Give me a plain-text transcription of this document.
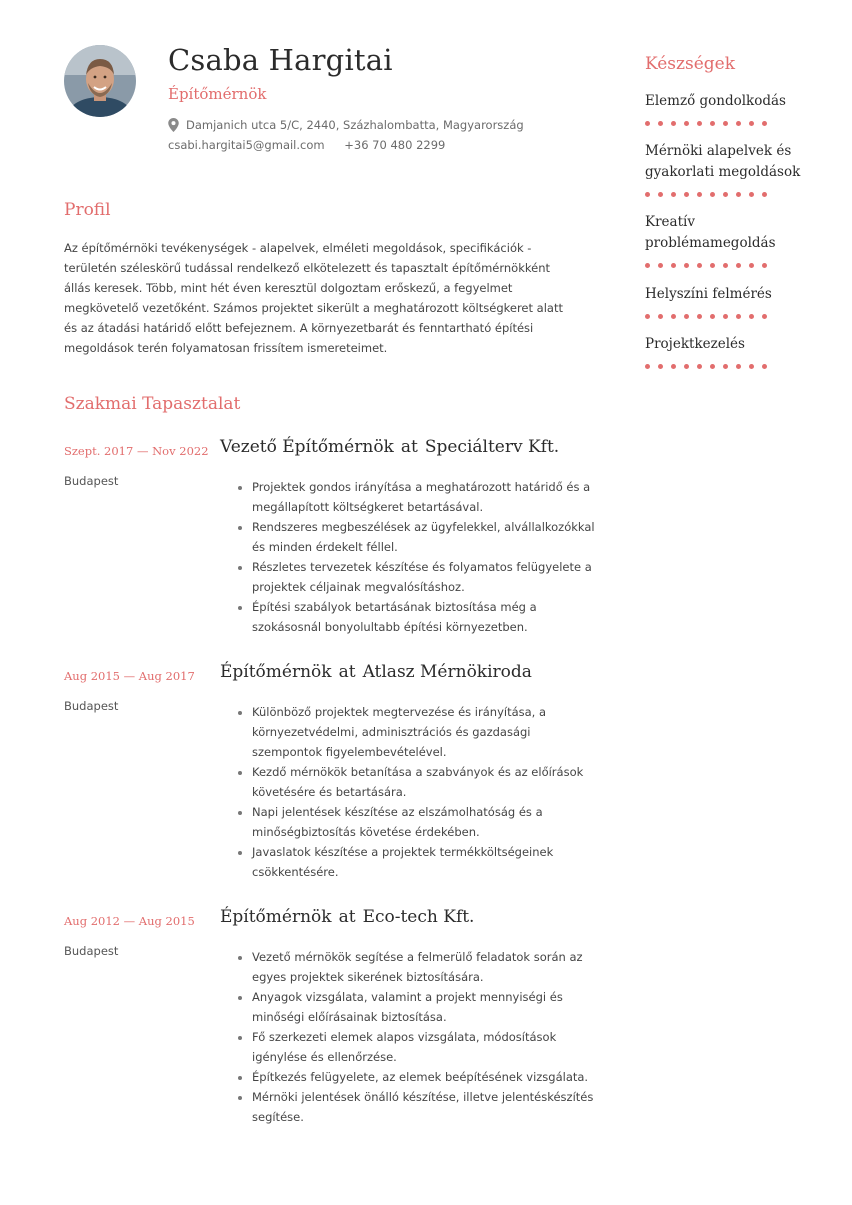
Csaba Hargitai
Építőmérnök
Damjanich utca 5/C, 2440, Százhalombatta, Magyarország
csabi.hargitai5@gmail.com +36 70 480 2299
Profil
Az építőmérnöki tevékenységek - alapelvek, elméleti megoldások, specifikációk -területén széleskörű tudással rendelkező elkötelezett és tapasztalt építőmérnökként állás keresek. Több, mint hét éven keresztül dolgoztam erőskezű, a fegyelmet megkövetelő vezetőként. Számos projektet sikerült a meghatározott költségkeret alatt és az átadási határidő előtt befejeznem. A környezetbarát és fenntartható építési megoldások terén folyamatosan frissítem ismereteimet.
Szakmai Tapasztalat
Szept. 2017 — Nov 2022
Budapest
Vezető Építőmérnök at Speciálterv Kft.
• Projektek gondos irányítása a meghatározott határidő és a megállapított költségkeret betartásával.
• Rendszeres megbeszélések az ügyfelekkel, alvállalkozókkal és minden érdekelt féllel.
• Részletes tervezetek készítése és folyamatos felügyelete a projektek céljainak megvalósításhoz.
• Építési szabályok betartásának biztosítása még a szokásosnál bonyolultabb építési környezetben.
Aug 2015 — Aug 2017
Budapest
Építőmérnök at Atlasz Mérnökiroda
• Különböző projektek megtervezése és irányítása, a környezetvédelmi, adminisztrációs és gazdasági szempontok figyelembevételével.
• Kezdő mérnökök betanítása a szabványok és az előírások követésére és betartására.
• Napi jelentések készítése az elszámolhatóság és a minőségbiztosítás követése érdekében.
• Javaslatok készítése a projektek termékköltségeinek csökkentésére.
Aug 2012 — Aug 2015
Budapest
Építőmérnök at Eco-tech Kft.
• Vezető mérnökök segítése a felmerülő feladatok során az egyes projektek sikerének biztosítására.
• Anyagok vizsgálata, valamint a projekt mennyiségi és minőségi előírásainak biztosítása.
• Fő szerkezeti elemek alapos vizsgálata, módosítások igénylése és ellenőrzése.
• Építkezés felügyelete, az elemek beépítésének vizsgálata.
• Mérnöki jelentések önálló készítése, illetve jelentéskészítés segítése.
Készségek
Elemző gondolkodás
Mérnöki alapelvek és gyakorlati megoldások
Kreatív problémamegoldás
Helyszíni felmérés
Projektkezelés
